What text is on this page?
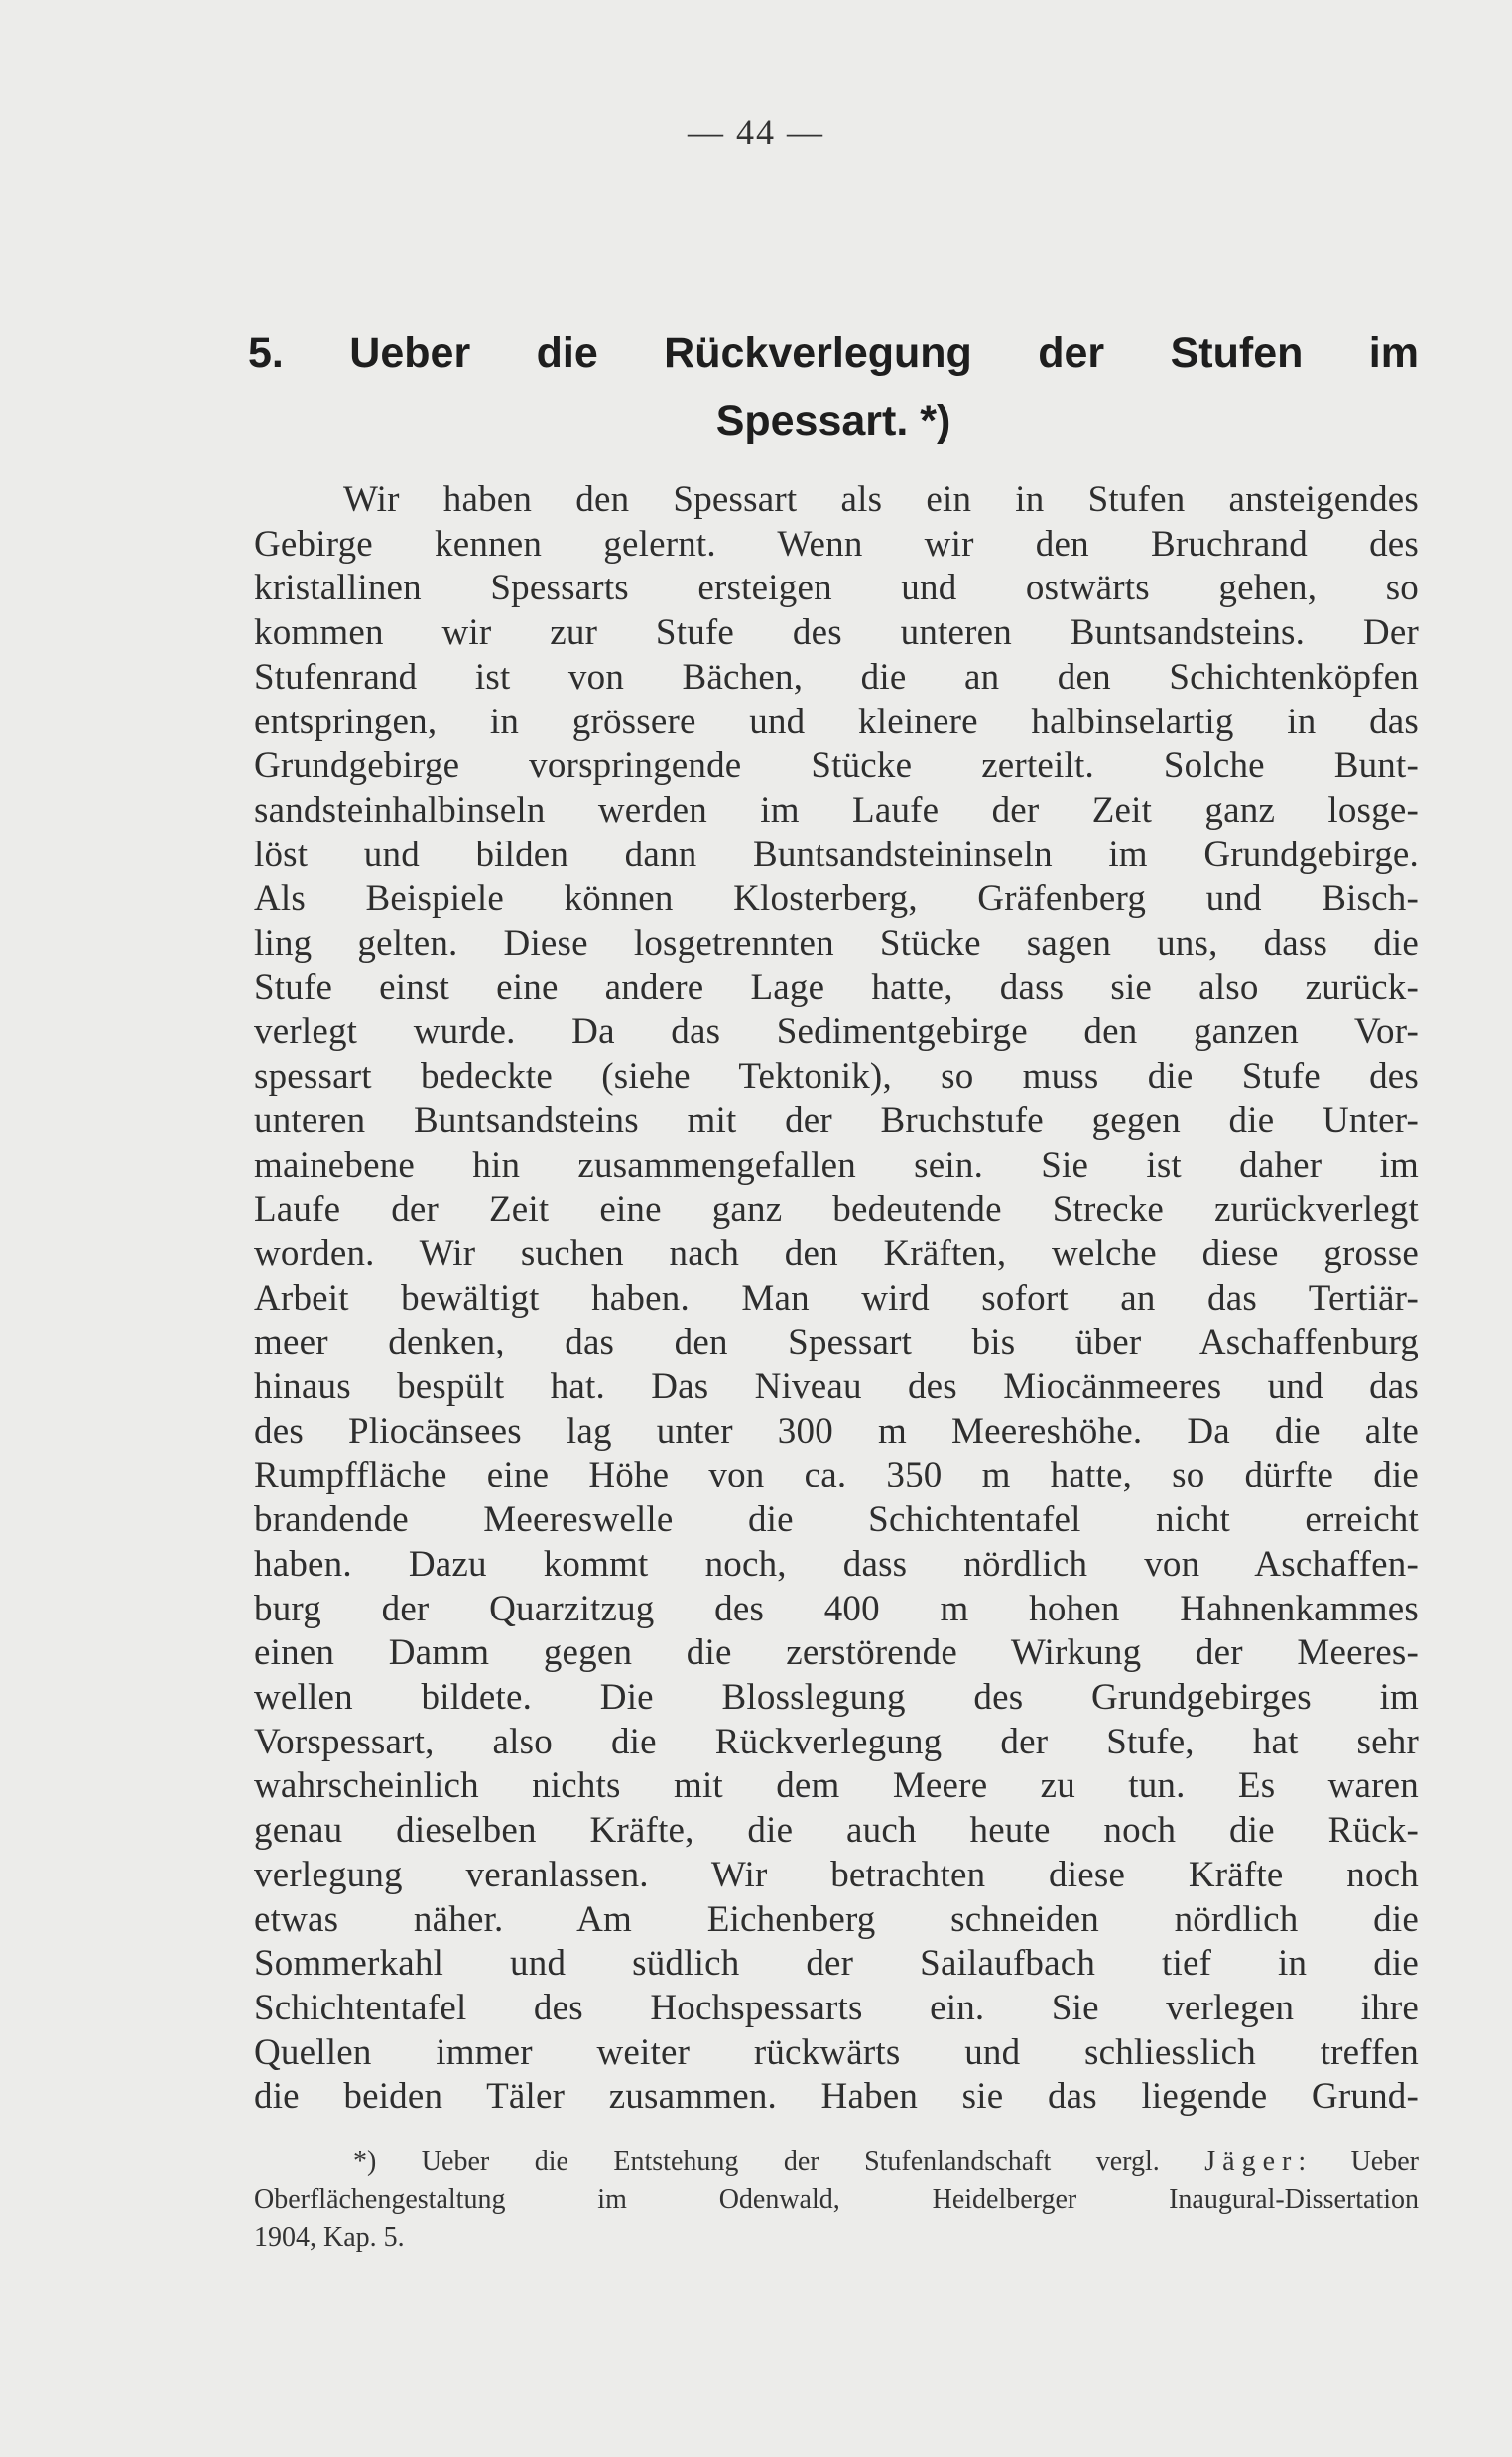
— 44 —
5. Ueber die Rückverlegung der Stufen im
Spessart. *)
Wir haben den Spessart als ein in Stufen ansteigendes
Gebirge kennen gelernt. Wenn wir den Bruchrand des
kristallinen Spessarts ersteigen und ostwärts gehen, so
kommen wir zur Stufe des unteren Buntsandsteins. Der
Stufenrand ist von Bächen, die an den Schichtenköpfen
entspringen, in grössere und kleinere halbinselartig in das
Grundgebirge vorspringende Stücke zerteilt. Solche Bunt-
sandsteinhalbinseln werden im Laufe der Zeit ganz losge-
löst und bilden dann Buntsandsteininseln im Grundgebirge.
Als Beispiele können Klosterberg, Gräfenberg und Bisch-
ling gelten. Diese losgetrennten Stücke sagen uns, dass die
Stufe einst eine andere Lage hatte, dass sie also zurück-
verlegt wurde. Da das Sedimentgebirge den ganzen Vor-
spessart bedeckte (siehe Tektonik), so muss die Stufe des
unteren Buntsandsteins mit der Bruchstufe gegen die Unter-
mainebene hin zusammengefallen sein. Sie ist daher im
Laufe der Zeit eine ganz bedeutende Strecke zurückverlegt
worden. Wir suchen nach den Kräften, welche diese grosse
Arbeit bewältigt haben. Man wird sofort an das Tertiär-
meer denken, das den Spessart bis über Aschaffenburg
hinaus bespült hat. Das Niveau des Miocänmeeres und das
des Pliocänsees lag unter 300 m Meereshöhe. Da die alte
Rumpffläche eine Höhe von ca. 350 m hatte, so dürfte die
brandende Meereswelle die Schichtentafel nicht erreicht
haben. Dazu kommt noch, dass nördlich von Aschaffen-
burg der Quarzitzug des 400 m hohen Hahnenkammes
einen Damm gegen die zerstörende Wirkung der Meeres-
wellen bildete. Die Blosslegung des Grundgebirges im
Vorspessart, also die Rückverlegung der Stufe, hat sehr
wahrscheinlich nichts mit dem Meere zu tun. Es waren
genau dieselben Kräfte, die auch heute noch die Rück-
verlegung veranlassen. Wir betrachten diese Kräfte noch
etwas näher. Am Eichenberg schneiden nördlich die
Sommerkahl und südlich der Sailaufbach tief in die
Schichtentafel des Hochspessarts ein. Sie verlegen ihre
Quellen immer weiter rückwärts und schliesslich treffen
die beiden Täler zusammen. Haben sie das liegende Grund-
*) Ueber die Entstehung der Stufenlandschaft vergl. Jäger: Ueber
Oberflächengestaltung im Odenwald, Heidelberger Inaugural-Dissertation
1904, Kap. 5.
